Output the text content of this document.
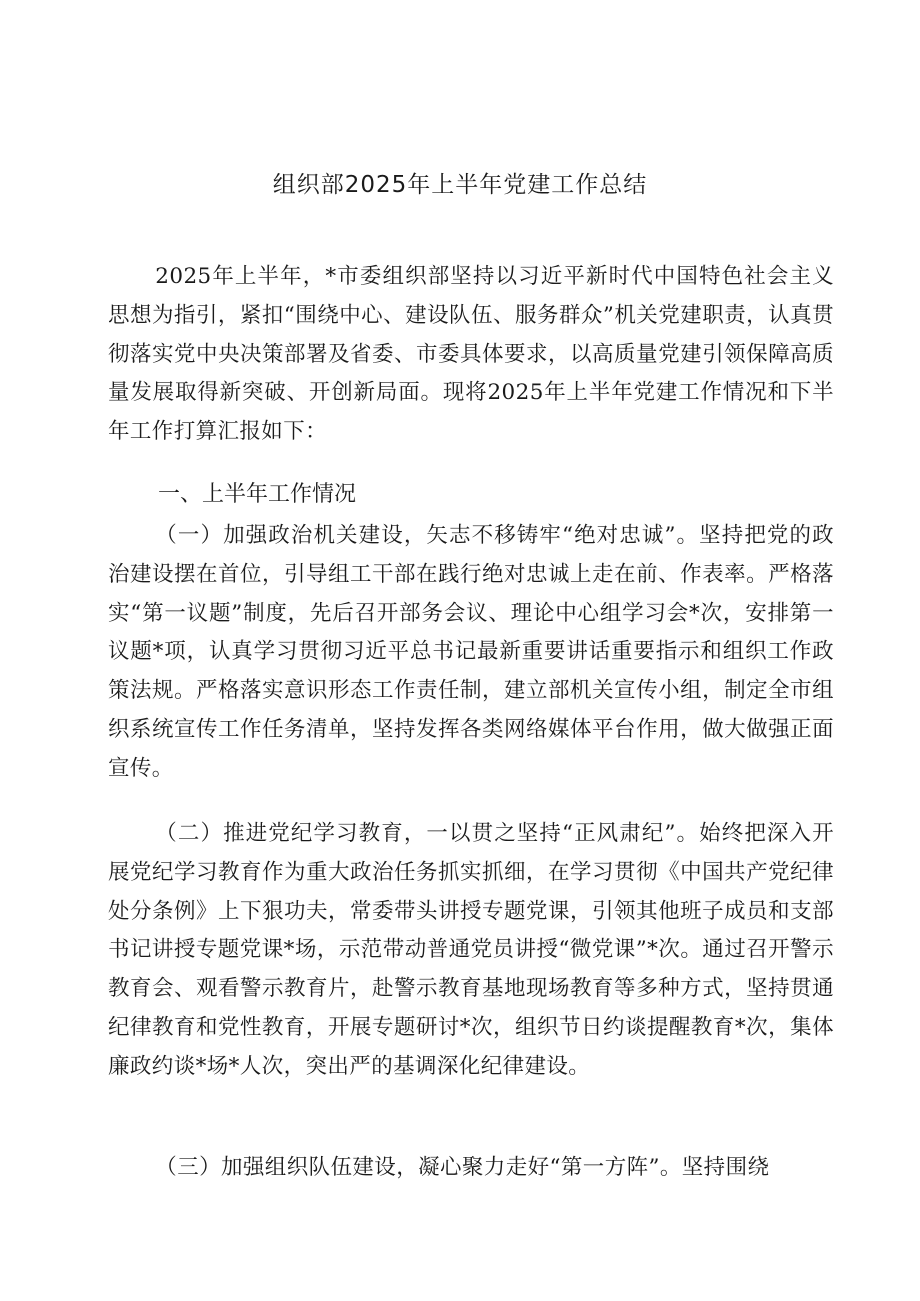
组织部2025年上半年党建工作总结

2025年上半年，*市委组织部坚持以习近平新时代中国特色社会主义思想为指引，紧扣“围绕中心、建设队伍、服务群众”机关党建职责，认真贯彻落实党中央决策部署及省委、市委具体要求，以高质量党建引领保障高质量发展取得新突破、开创新局面。现将2025年上半年党建工作情况和下半年工作打算汇报如下：

一、上半年工作情况

（一）加强政治机关建设，矢志不移铸牢“绝对忠诚”。坚持把党的政治建设摆在首位，引导组工干部在践行绝对忠诚上走在前、作表率。严格落实“第一议题”制度，先后召开部务会议、理论中心组学习会*次，安排第一议题*项，认真学习贯彻习近平总书记最新重要讲话重要指示和组织工作政策法规。严格落实意识形态工作责任制，建立部机关宣传小组，制定全市组织系统宣传工作任务清单，坚持发挥各类网络媒体平台作用，做大做强正面宣传。

（二）推进党纪学习教育，一以贯之坚持“正风肃纪”。始终把深入开展党纪学习教育作为重大政治任务抓实抓细，在学习贯彻《中国共产党纪律处分条例》上下狠功夫，常委带头讲授专题党课，引领其他班子成员和支部书记讲授专题党课*场，示范带动普通党员讲授“微党课”*次。通过召开警示教育会、观看警示教育片，赴警示教育基地现场教育等多种方式，坚持贯通纪律教育和党性教育，开展专题研讨*次，组织节日约谈提醒教育*次，集体廉政约谈*场*人次，突出严的基调深化纪律建设。

（三）加强组织队伍建设，凝心聚力走好“第一方阵”。坚持围绕
